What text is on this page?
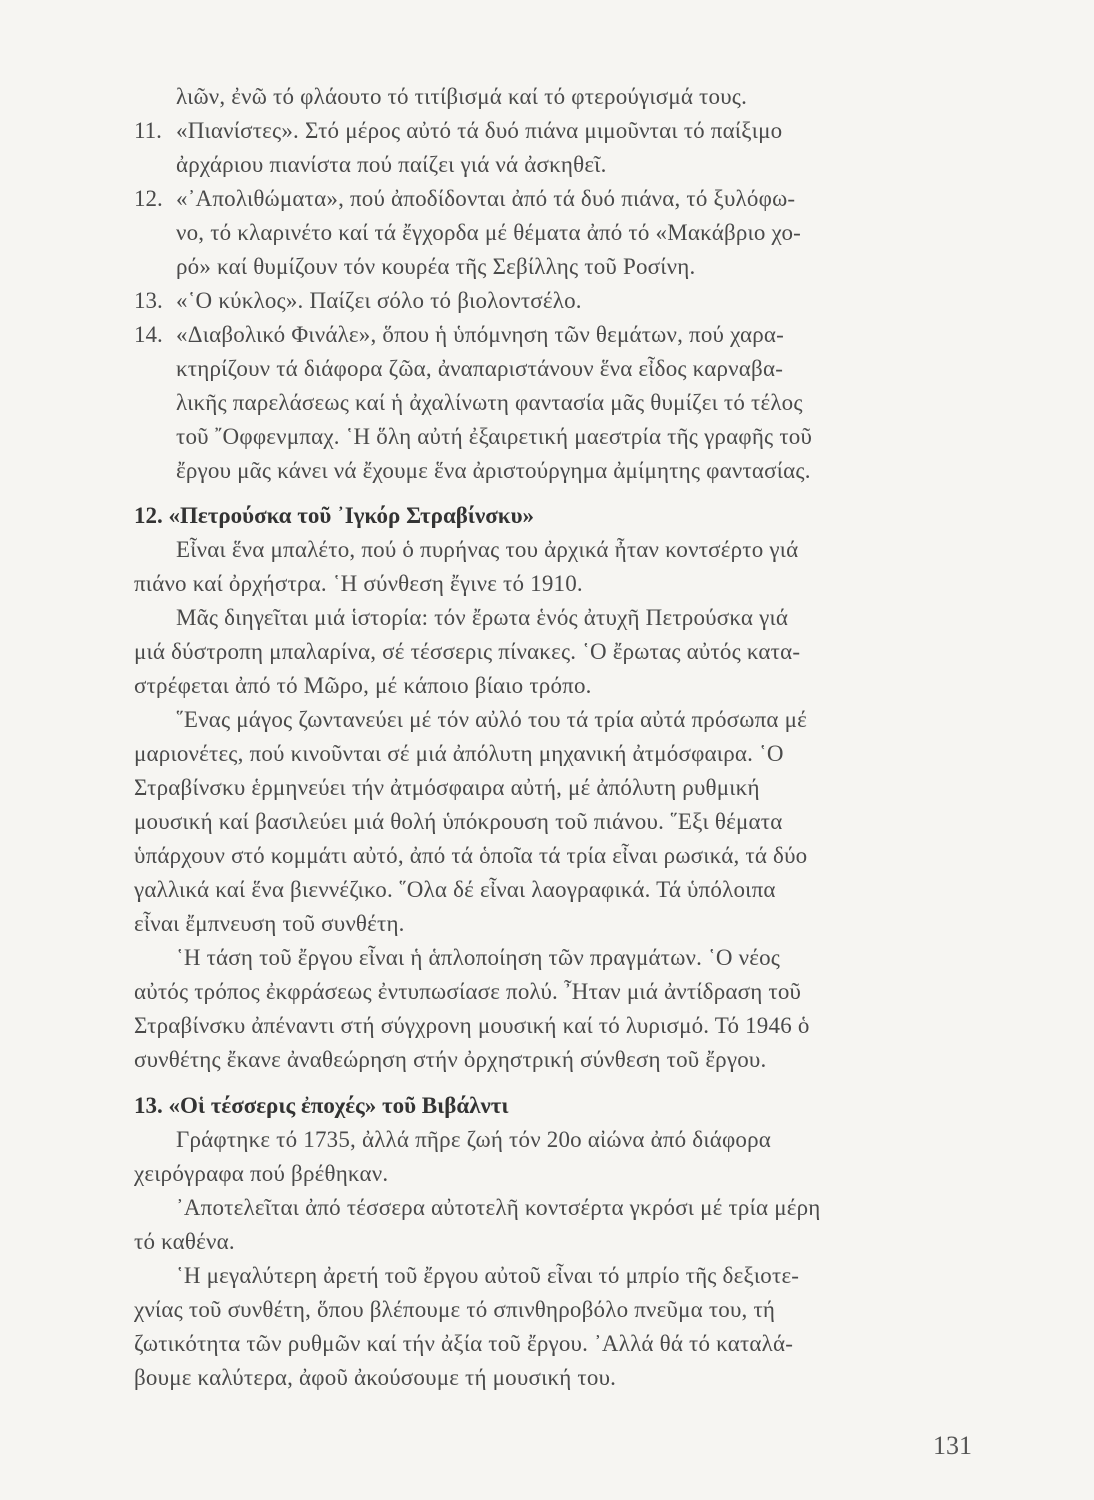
λιῶν, ἐνῶ τό φλάουτο τό τιτίβισμά καί τό φτερούγισμά τους.
11. «Πιανίστες». Στό μέρος αὐτό τά δυό πιάνα μιμοῦνται τό παίξιμο
ἀρχάριου πιανίστα πού παίζει γιά νά ἀσκηθεῖ.
12. «᾿Απολιθώματα», πού ἀποδίδονται ἀπό τά δυό πιάνα, τό ξυλόφω-
νο, τό κλαρινέτο καί τά ἔγχορδα μέ θέματα ἀπό τό «Μακάβριο χο-
ρό» καί θυμίζουν τόν κουρέα τῆς Σεβίλλης τοῦ Ροσίνη.
13. «῾Ο κύκλος». Παίζει σόλο τό βιολοντσέλο.
14. «Διαβολικό Φινάλε», ὅπου ἡ ὑπόμνηση τῶν θεμάτων, πού χαρα-
κτηρίζουν τά διάφορα ζῶα, ἀναπαριστάνουν ἕνα εἶδος καρναβα-
λικῆς παρελάσεως καί ἡ ἀχαλίνωτη φαντασία μᾶς θυμίζει τό τέλος
τοῦ ῎Οφφενμπαχ. ῾Η ὅλη αὐτή ἐξαιρετική μαεστρία τῆς γραφῆς τοῦ
ἔργου μᾶς κάνει νά ἔχουμε ἕνα ἀριστούργημα ἀμίμητης φαντασίας.
12. «Πετρούσκα τοῦ ᾿Ιγκόρ Στραβίνσκυ»
Εἶναι ἕνα μπαλέτο, πού ὁ πυρήνας του ἀρχικά ἦταν κοντσέρτο γιά
πιάνο καί ὀρχήστρα. ῾Η σύνθεση ἔγινε τό 1910.
Μᾶς διηγεῖται μιά ἱστορία: τόν ἔρωτα ἑνός ἀτυχῆ Πετρούσκα γιά
μιά δύστροπη μπαλαρίνα, σέ τέσσερις πίνακες. ῾Ο ἔρωτας αὐτός κατα-
στρέφεται ἀπό τό Μῶρο, μέ κάποιο βίαιο τρόπο.
῞Ενας μάγος ζωντανεύει μέ τόν αὐλό του τά τρία αὐτά πρόσωπα μέ
μαριονέτες, πού κινοῦνται σέ μιά ἀπόλυτη μηχανική ἀτμόσφαιρα. ῾Ο
Στραβίνσκυ ἑρμηνεύει τήν ἀτμόσφαιρα αὐτή, μέ ἀπόλυτη ρυθμική
μουσική καί βασιλεύει μιά θολή ὑπόκρουση τοῦ πιάνου. ῞Εξι θέματα
ὑπάρχουν στό κομμάτι αὐτό, ἀπό τά ὁποῖα τά τρία εἶναι ρωσικά, τά δύο
γαλλικά καί ἕνα βιεννέζικο. ῞Ολα δέ εἶναι λαογραφικά. Τά ὑπόλοιπα
εἶναι ἔμπνευση τοῦ συνθέτη.
῾Η τάση τοῦ ἔργου εἶναι ἡ ἁπλοποίηση τῶν πραγμάτων. ῾Ο νέος
αὐτός τρόπος ἐκφράσεως ἐντυπωσίασε πολύ. ῏Ηταν μιά ἀντίδραση τοῦ
Στραβίνσκυ ἀπέναντι στή σύγχρονη μουσική καί τό λυρισμό. Τό 1946 ὁ
συνθέτης ἔκανε ἀναθεώρηση στήν ὀρχηστρική σύνθεση τοῦ ἔργου.
13. «Οἱ τέσσερις ἐποχές» τοῦ Βιβάλντι
Γράφτηκε τό 1735, ἀλλά πῆρε ζωή τόν 20ο αἰώνα ἀπό διάφορα
χειρόγραφα πού βρέθηκαν.
᾿Αποτελεῖται ἀπό τέσσερα αὐτοτελῆ κοντσέρτα γκρόσι μέ τρία μέρη
τό καθένα.
῾Η μεγαλύτερη ἀρετή τοῦ ἔργου αὐτοῦ εἶναι τό μπρίο τῆς δεξιοτε-
χνίας τοῦ συνθέτη, ὅπου βλέπουμε τό σπινθηροβόλο πνεῦμα του, τή
ζωτικότητα τῶν ρυθμῶν καί τήν ἀξία τοῦ ἔργου. ᾿Αλλά θά τό καταλά-
βουμε καλύτερα, ἀφοῦ ἀκούσουμε τή μουσική του.
131
